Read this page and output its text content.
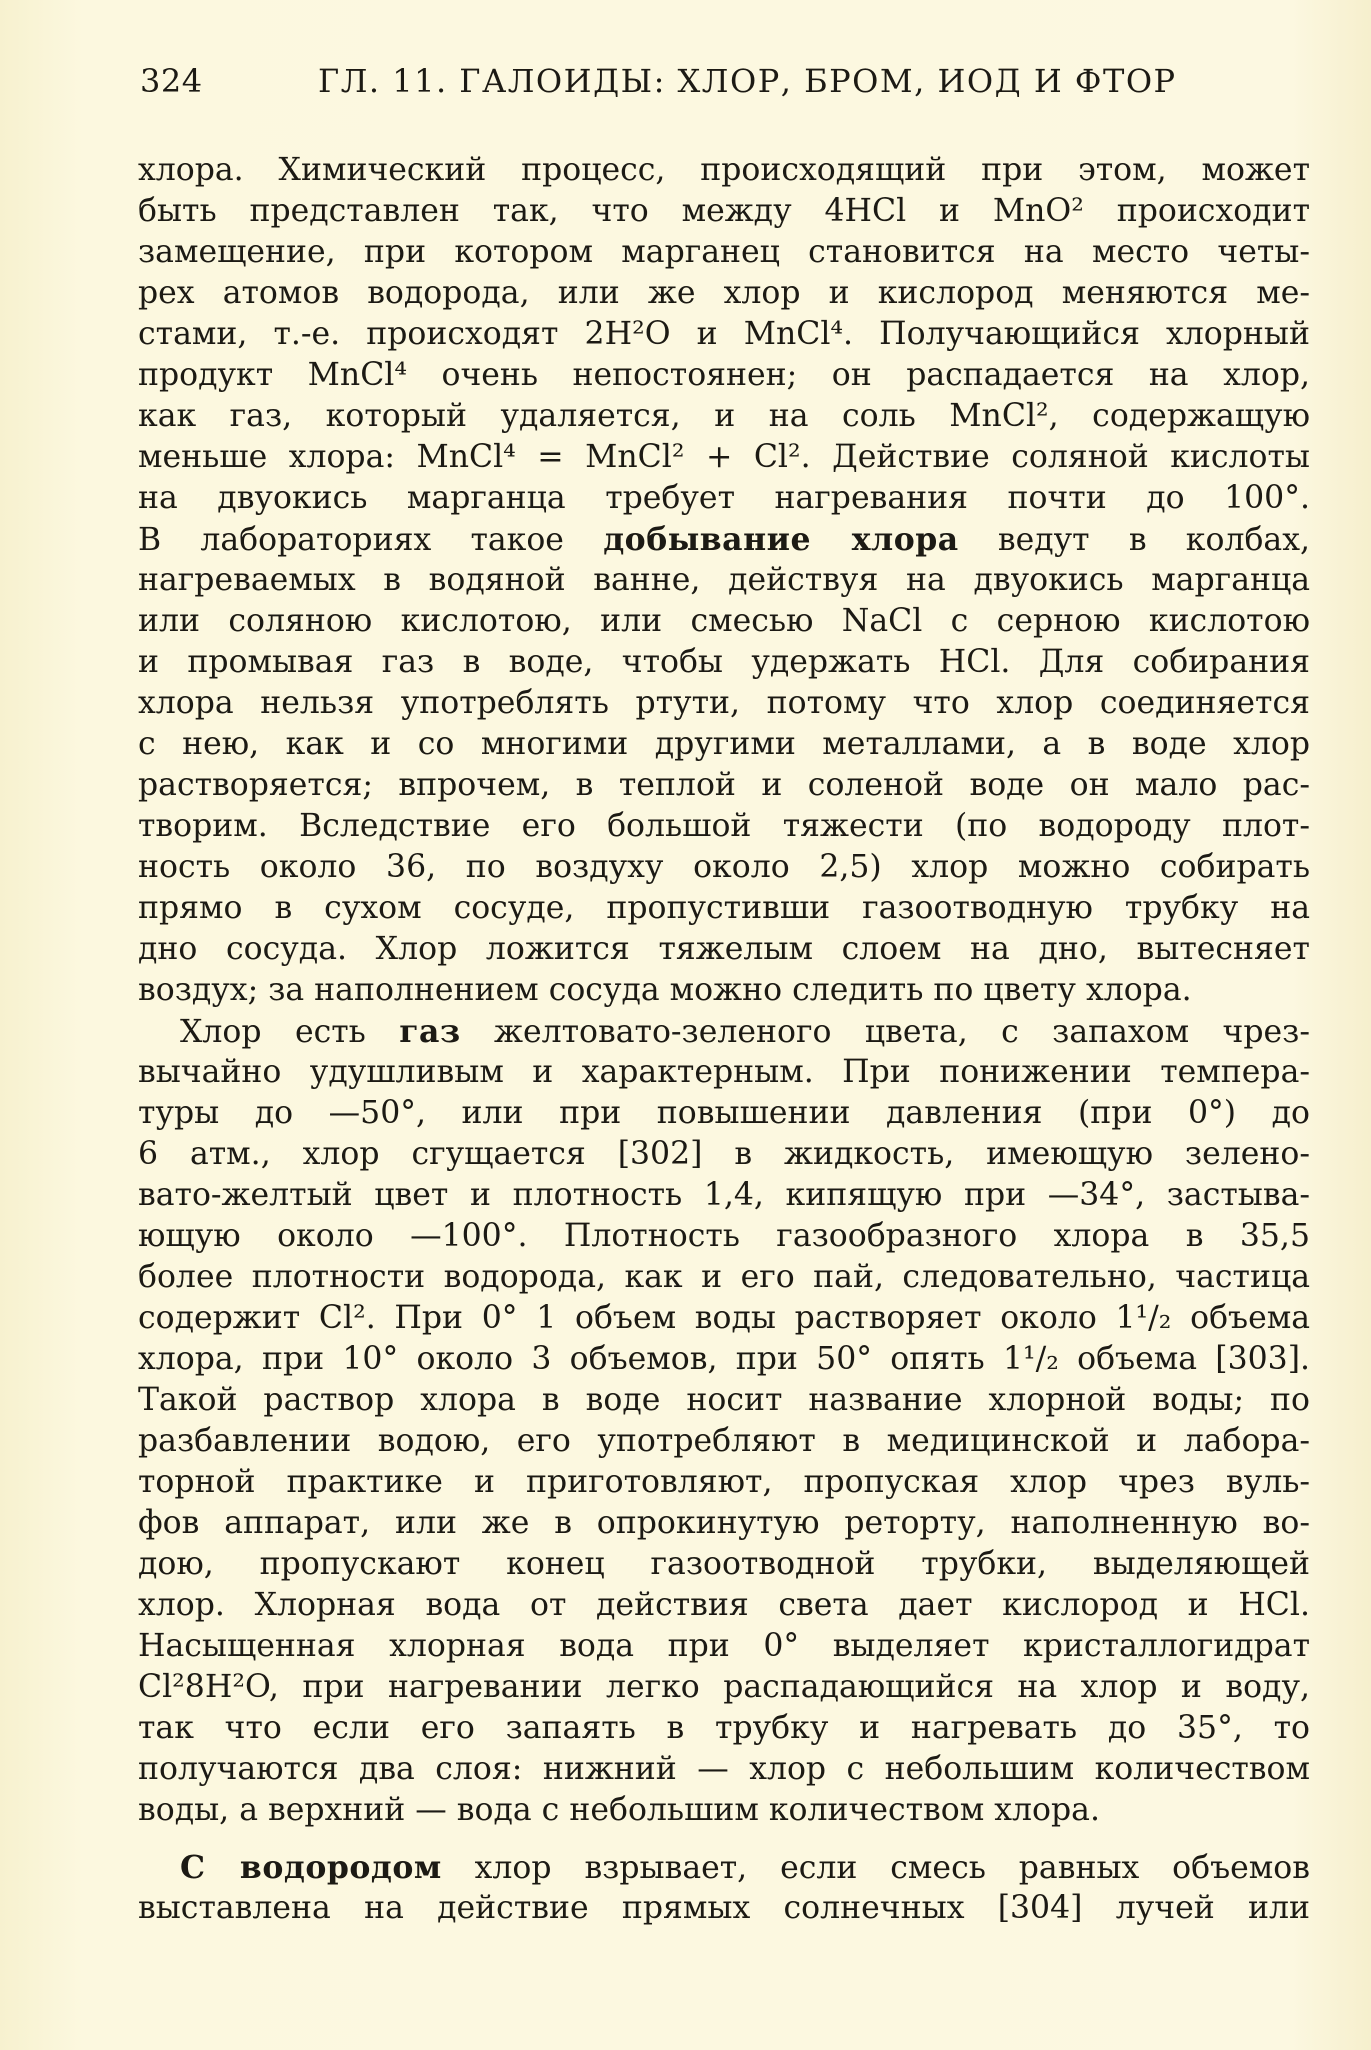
324	ГЛ. 11. ГАЛОИДЫ: ХЛОР, БРОМ, ИОД И ФТОР
хлора. Химический процесс, происходящий при этом, может
быть представлен так, что между 4HCl и MnO² происходит
замещение, при котором марганец становится на место четы-
рех атомов водорода, или же хлор и кислород меняются ме-
стами, т.-е. происходят 2H²O и MnCl⁴. Получающийся хлорный
продукт MnCl⁴ очень непостоянен; он распадается на хлор,
как газ, который удаляется, и на соль MnCl², содержащую
меньше хлора: MnCl⁴ = MnCl² + Cl². Действие соляной кислоты
на двуокись марганца требует нагревания почти до 100°.
В лабораториях такое добывание хлора ведут в колбах,
нагреваемых в водяной ванне, действуя на двуокись марганца
или соляною кислотою, или смесью NaCl с серною кислотою
и промывая газ в воде, чтобы удержать HCl. Для собирания
хлора нельзя употреблять ртути, потому что хлор соединяется
с нею, как и со многими другими металлами, а в воде хлор
растворяется; впрочем, в теплой и соленой воде он мало рас-
творим. Вследствие его большой тяжести (по водороду плот-
ность около 36, по воздуху около 2,5) хлор можно собирать
прямо в сухом сосуде, пропустивши газоотводную трубку на
дно сосуда. Хлор ложится тяжелым слоем на дно, вытесняет
воздух; за наполнением сосуда можно следить по цвету хлора.
Хлор есть газ желтовато-зеленого цвета, с запахом чрез-
вычайно удушливым и характерным. При понижении темпера-
туры до —50°, или при повышении давления (при 0°) до
6 атм., хлор сгущается [302] в жидкость, имеющую зелено-
вато-желтый цвет и плотность 1,4, кипящую при —34°, застыва-
ющую около —100°. Плотность газообразного хлора в 35,5
более плотности водорода, как и его пай, следовательно, частица
содержит Cl². При 0° 1 объем воды растворяет около 1¹/₂ объема
хлора, при 10° около 3 объемов, при 50° опять 1¹/₂ объема [303].
Такой раствор хлора в воде носит название хлорной воды; по
разбавлении водою, его употребляют в медицинской и лабора-
торной практике и приготовляют, пропуская хлор чрез вуль-
фов аппарат, или же в опрокинутую реторту, наполненную во-
дою, пропускают конец газоотводной трубки, выделяющей
хлор. Хлорная вода от действия света дает кислород и HCl.
Насыщенная хлорная вода при 0° выделяет кристаллогидрат
Cl²8H²O, при нагревании легко распадающийся на хлор и воду,
так что если его запаять в трубку и нагревать до 35°, то
получаются два слоя: нижний — хлор с небольшим количеством
воды, а верхний — вода с небольшим количеством хлора.
С водородом хлор взрывает, если смесь равных объемов
выставлена на действие прямых солнечных [304] лучей или
